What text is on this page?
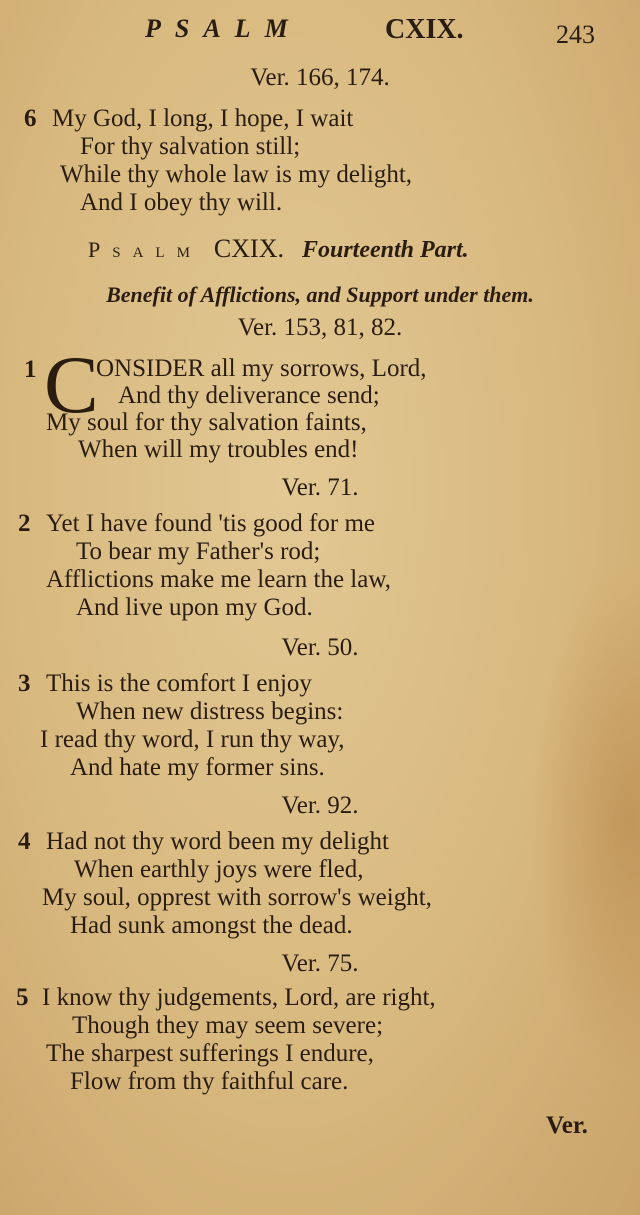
PSALM	CXIX.	243
Ver. 166, 174.
6 My God, I long, I hope, I wait
For thy salvation still;
While thy whole law is my delight,
And I obey thy will.
Psalm CXIX. Fourteenth Part.
Benefit of Afflictions, and Support under them.
Ver. 153, 81, 82.
1 C
ONSIDER all my sorrows, Lord,
And thy deliverance send;
My soul for thy salvation faints,
When will my troubles end!
Ver. 71.
2 Yet I have found 'tis good for me
To bear my Father's rod;
Afflictions make me learn the law,
And live upon my God.
Ver. 50.
3 This is the comfort I enjoy
When new distress begins:
I read thy word, I run thy way,
And hate my former sins.
Ver. 92.
4 Had not thy word been my delight
When earthly joys were fled,
My soul, opprest with sorrow's weight,
Had sunk amongst the dead.
Ver. 75.
5 I know thy judgements, Lord, are right,
Though they may seem severe;
The sharpest sufferings I endure,
Flow from thy faithful care.
Ver.
